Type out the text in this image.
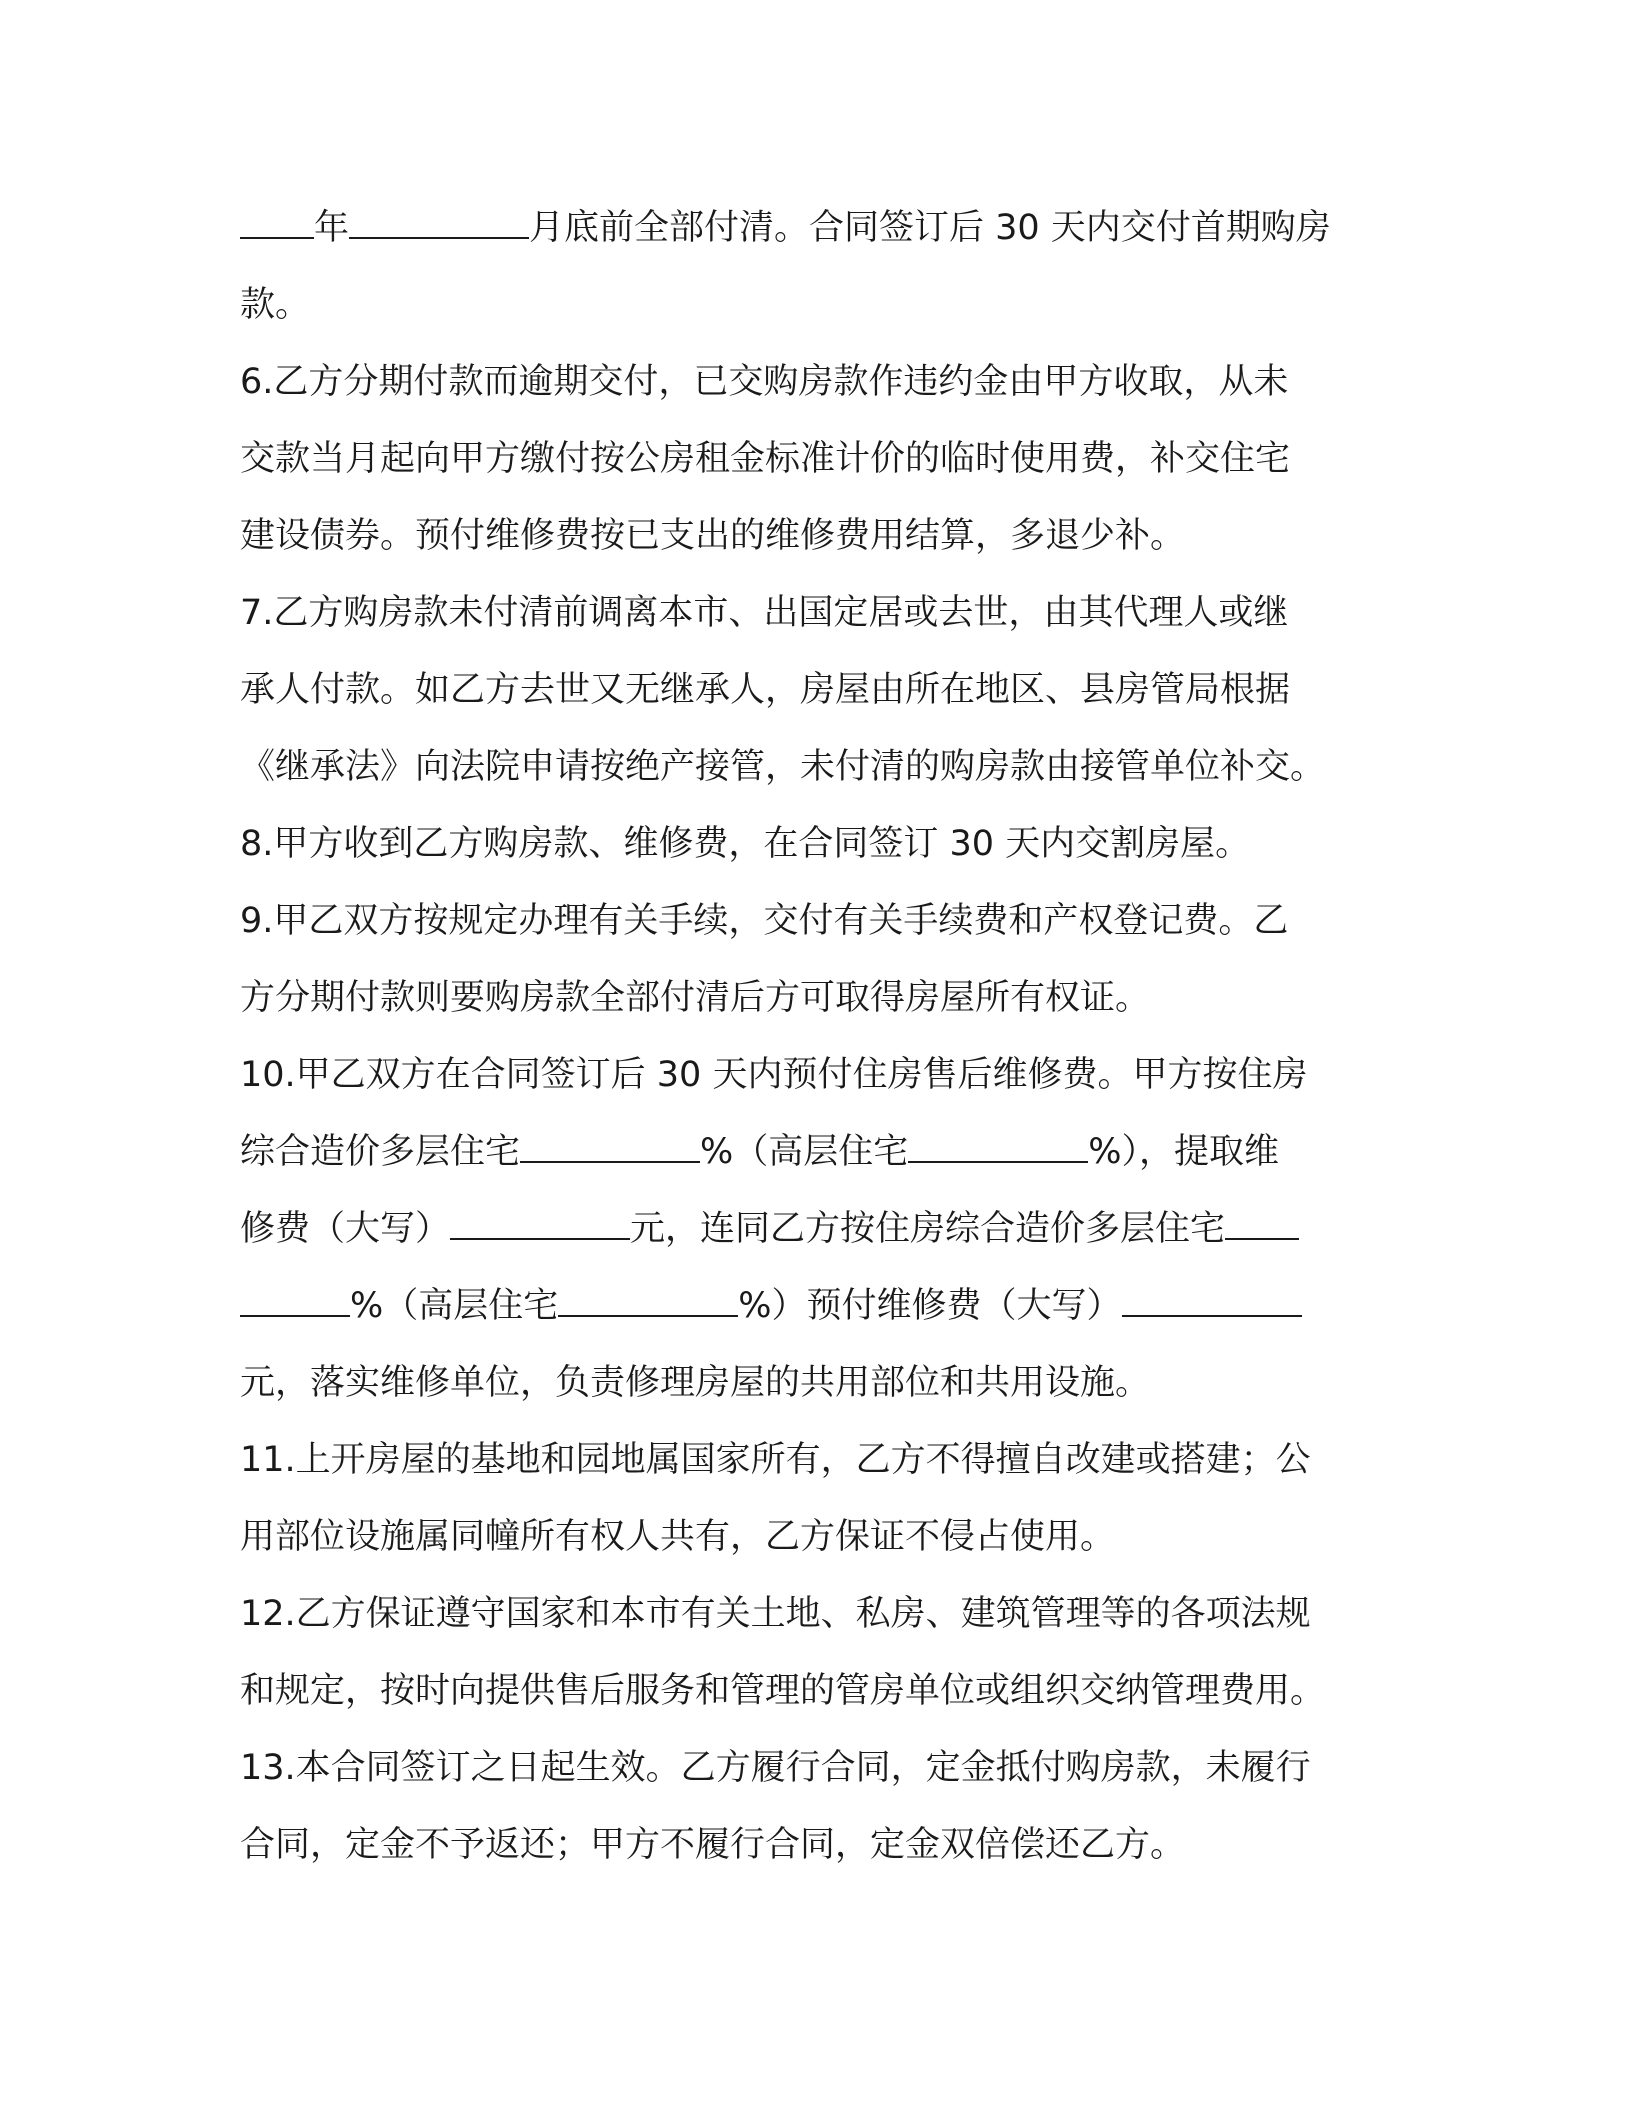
年	月底前全部付清。合同签订后 30 天内交付首期购房
款。
6.乙方分期付款而逾期交付，已交购房款作违约金由甲方收取，从未
交款当月起向甲方缴付按公房租金标准计价的临时使用费，补交住宅
建设债券。预付维修费按已支出的维修费用结算，多退少补。
7.乙方购房款未付清前调离本市、出国定居或去世，由其代理人或继
承人付款。如乙方去世又无继承人，房屋由所在地区、县房管局根据
《继承法》向法院申请按绝产接管，未付清的购房款由接管单位补交。
8.甲方收到乙方购房款、维修费，在合同签订 30 天内交割房屋。
9.甲乙双方按规定办理有关手续，交付有关手续费和产权登记费。乙
方分期付款则要购房款全部付清后方可取得房屋所有权证。
10.甲乙双方在合同签订后 30 天内预付住房售后维修费。甲方按住房
综合造价多层住宅	%（高层住宅	%），提取维
修费（大写）	元，连同乙方按住房综合造价多层住宅
%（高层住宅	%）预付维修费（大写）
元，落实维修单位，负责修理房屋的共用部位和共用设施。
11.上开房屋的基地和园地属国家所有，乙方不得擅自改建或搭建；公
用部位设施属同幢所有权人共有，乙方保证不侵占使用。
12.乙方保证遵守国家和本市有关土地、私房、建筑管理等的各项法规
和规定，按时向提供售后服务和管理的管房单位或组织交纳管理费用。
13.本合同签订之日起生效。乙方履行合同，定金抵付购房款，未履行
合同，定金不予返还；甲方不履行合同，定金双倍偿还乙方。
